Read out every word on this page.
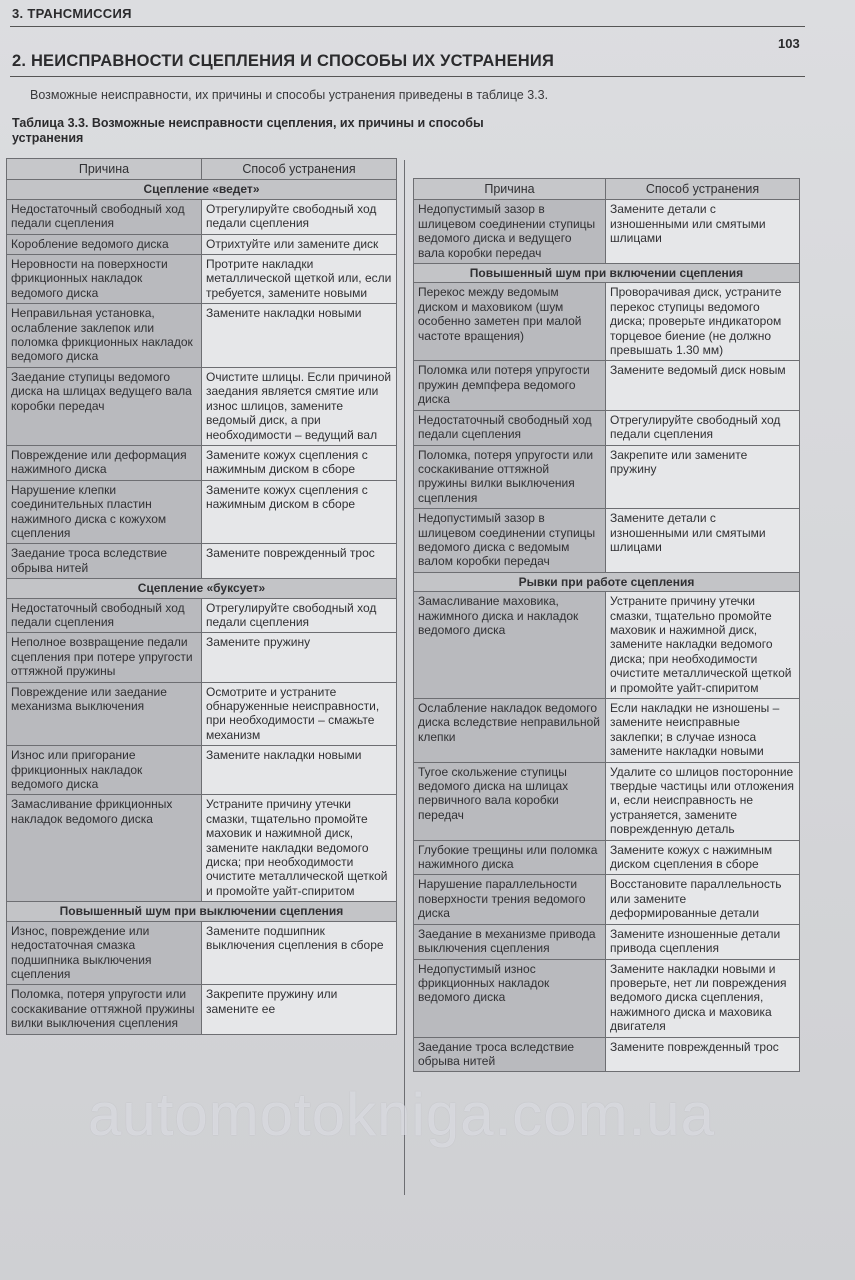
3. ТРАНСМИССИЯ
103
2. НЕИСПРАВНОСТИ СЦЕПЛЕНИЯ И СПОСОБЫ ИХ УСТРАНЕНИЯ
Возможные неисправности, их причины и способы устранения приведены в таблице 3.3.
Таблица 3.3. Возможные неисправности сцепления, их причины и способы устранения
Причина	Способ устранения
Сцепление «ведет»	
Недостаточный свободный ход педали сцепления	Отрегулируйте свободный ход педали сцепления
Коробление ведомого диска	Отрихтуйте или замените диск
Неровности на поверхности фрикционных накладок ведомого диска	Протрите накладки металлической щеткой или, если требуется, замените новыми
Неправильная установка, ослабление заклепок или поломка фрикционных накладок ведомого диска	Замените накладки новыми
Заедание ступицы ведомого диска на шлицах ведущего вала коробки передач	Очистите шлицы. Если причиной заедания является смятие или износ шлицов, замените ведомый диск, а при необходимости – ведущий вал
Повреждение или деформация нажимного диска	Замените кожух сцепления с нажимным диском в сборе
Нарушение клепки соединительных пластин нажимного диска с кожухом сцепления	Замените кожух сцепления с нажимным диском в сборе
Заедание троса вследствие обрыва нитей	Замените поврежденный трос
Сцепление «буксует»	
Недостаточный свободный ход педали сцепления	Отрегулируйте свободный ход педали сцепления
Неполное возвращение педали сцепления при потере упругости оттяжной пружины	Замените пружину
Повреждение или заедание механизма выключения	Осмотрите и устраните обнаруженные неисправности, при необходимости – смажьте механизм
Износ или пригорание фрикционных накладок ведомого диска	Замените накладки новыми
Замасливание фрикционных накладок ведомого диска	Устраните причину утечки смазки, тщательно промойте маховик и нажимной диск, замените накладки ведомого диска; при необходимости очистите металлической щеткой и промойте уайт-спиритом
Повышенный шум при выключении сцепления	
Износ, повреждение или недостаточная смазка подшипника выключения сцепления	Замените подшипник выключения сцепления в сборе
Поломка, потеря упругости или соскакивание оттяжной пружины вилки выключения сцепления	Закрепите пружину или замените ее
Причина	Способ устранения
Недопустимый зазор в шлицевом соединении ступицы ведомого диска и ведущего вала коробки передач	Замените детали с изношенными или смятыми шлицами
Повышенный шум при включении сцепления	
Перекос между ведомым диском и маховиком (шум особенно заметен при малой частоте вращения)	Проворачивая диск, устраните перекос ступицы ведомого диска; проверьте индикатором торцевое биение (не должно превышать 1.30 мм)
Поломка или потеря упругости пружин демпфера ведомого диска	Замените ведомый диск новым
Недостаточный свободный ход педали сцепления	Отрегулируйте свободный ход педали сцепления
Поломка, потеря упругости или соскакивание оттяжной пружины вилки выключения сцепления	Закрепите или замените пружину
Недопустимый зазор в шлицевом соединении ступицы ведомого диска с ведомым валом коробки передач	Замените детали с изношенными или смятыми шлицами
Рывки при работе сцепления	
Замасливание маховика, нажимного диска и накладок ведомого диска	Устраните причину утечки смазки, тщательно промойте маховик и нажимной диск, замените накладки ведомого диска; при необходимости очистите металлической щеткой и промойте уайт-спиритом
Ослабление накладок ведомого диска вследствие неправильной клепки	Если накладки не изношены – замените неисправные заклепки; в случае износа замените накладки новыми
Тугое скольжение ступицы ведомого диска на шлицах первичного вала коробки передач	Удалите со шлицов посторонние твердые частицы или отложения и, если неисправность не устраняется, замените поврежденную деталь
Глубокие трещины или поломка нажимного диска	Замените кожух с нажимным диском сцепления в сборе
Нарушение параллельности поверхности трения ведомого диска	Восстановите параллельность или замените деформированные детали
Заедание в механизме привода выключения сцепления	Замените изношенные детали привода сцепления
Недопустимый износ фрикционных накладок ведомого диска	Замените накладки новыми и проверьте, нет ли повреждения ведомого диска сцепления, нажимного диска и маховика двигателя
Заедание троса вследствие обрыва нитей	Замените поврежденный трос
automotokniga.com.ua
